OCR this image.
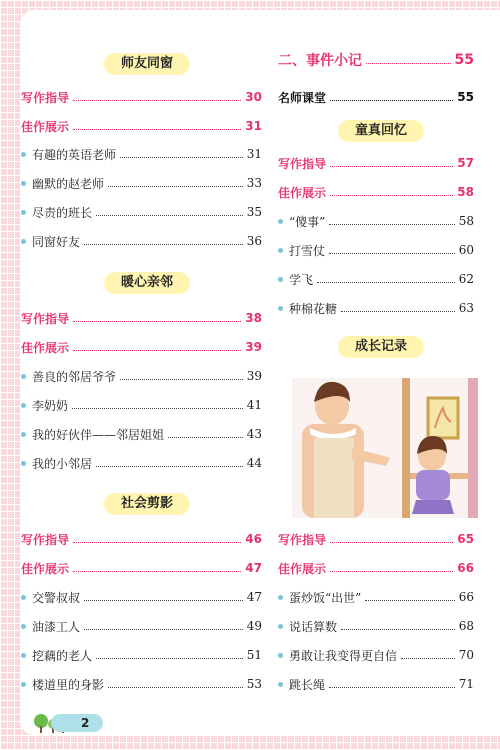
师友同窗
写作指导	30
佳作展示	31
有趣的英语老师	31
幽默的赵老师	33
尽责的班长	35
同窗好友	36
暖心亲邻
写作指导	38
佳作展示	39
善良的邻居爷爷	39
李奶奶	41
我的好伙伴——邻居姐姐	43
我的小邻居	44
社会剪影
写作指导	46
佳作展示	47
交警叔叔	47
油漆工人	49
挖藕的老人	51
楼道里的身影	53
二、事件小记	55
名师课堂	55
童真回忆
写作指导	57
佳作展示	58
“傻事”	58
打雪仗	60
学飞	62
种棉花糖	63
成长记录
写作指导	65
佳作展示	66
蛋炒饭“出世”	66
说话算数	68
勇敢让我变得更自信	70
跳长绳	71
2
